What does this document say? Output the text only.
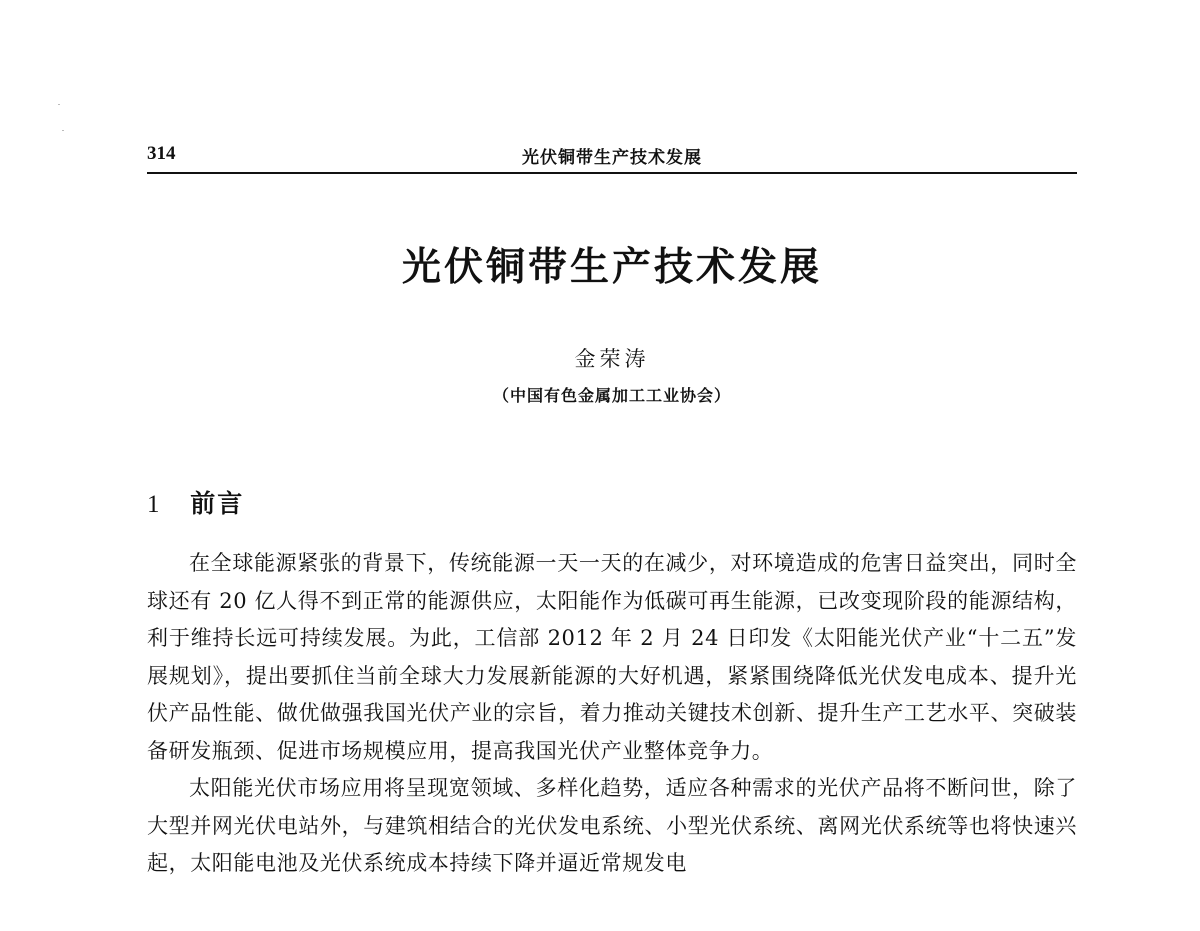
314	光伏铜带生产技术发展
光伏铜带生产技术发展
金荣涛
（中国有色金属加工工业协会）
1 前言

在全球能源紧张的背景下，传统能源一天一天的在减少，对环境造成的危害日益突出，同时全球还有 20 亿人得不到正常的能源供应，太阳能作为低碳可再生能源，已改变现阶段的能源结构，利于维持长远可持续发展。为此，工信部 2012 年 2 月 24 日印发《太阳能光伏产业“十二五”发展规划》，提出要抓住当前全球大力发展新能源的大好机遇，紧紧围绕降低光伏发电成本、提升光伏产品性能、做优做强我国光伏产业的宗旨，着力推动关键技术创新、提升生产工艺水平、突破装备研发瓶颈、促进市场规模应用，提高我国光伏产业整体竞争力。

太阳能光伏市场应用将呈现宽领域、多样化趋势，适应各种需求的光伏产品将不断问世，除了大型并网光伏电站外，与建筑相结合的光伏发电系统、小型光伏系统、离网光伏系统等也将快速兴起，太阳能电池及光伏系统成本持续下降并逼近常规发电
